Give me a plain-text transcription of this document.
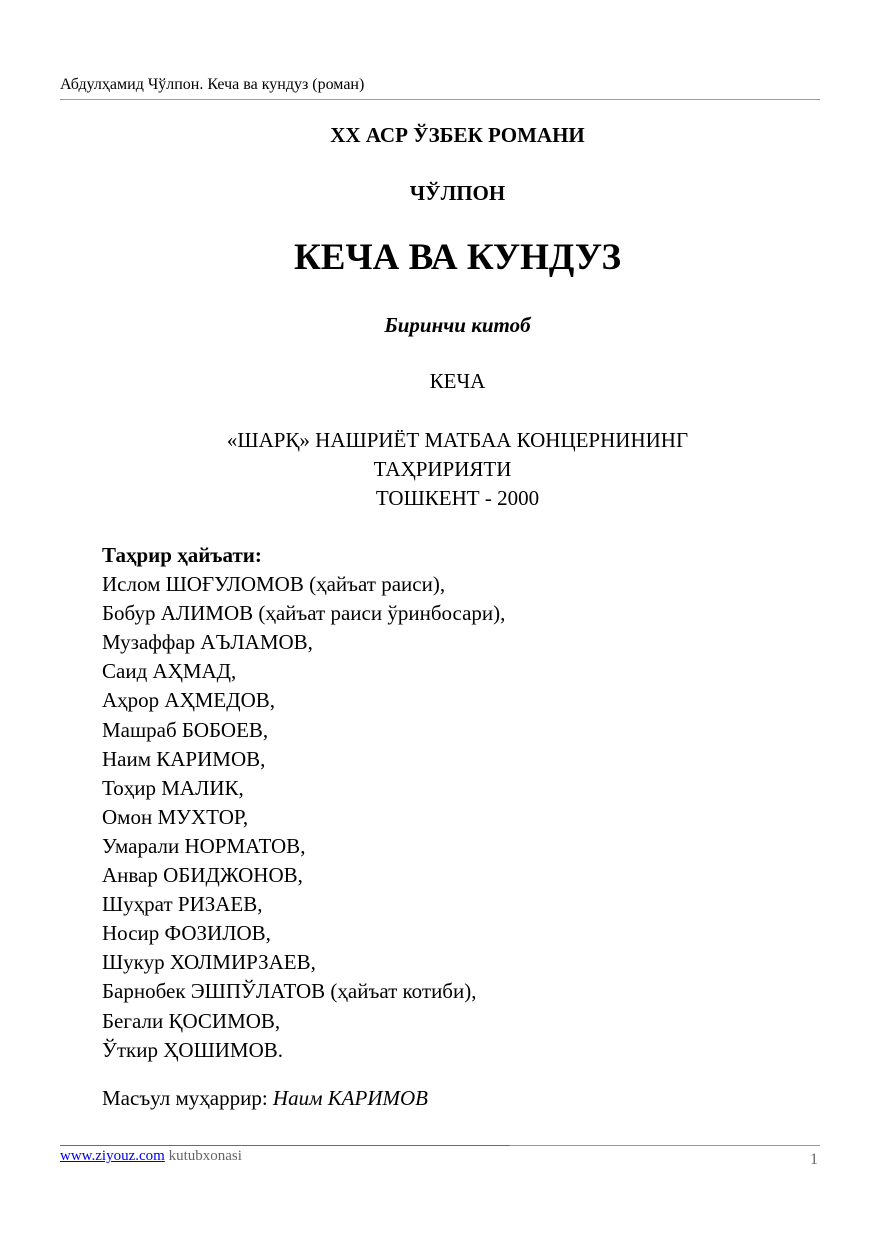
Абдулҳамид Чўлпон. Кеча ва кундуз (роман)
XX АСР ЎЗБЕК РОМАНИ
ЧЎЛПОН
КЕЧА ВА КУНДУЗ
Биринчи китоб
КЕЧА
«ШАРҚ» НАШРИЁТ МАТБАА КОНЦЕРНИНИНГ
ТАҲРИРИЯТИ
ТОШКЕНТ - 2000
Таҳрир ҳайъати:
Ислом ШОҒУЛОМОВ (ҳайъат раиси),
Бобур АЛИМОВ (ҳайъат раиси ўринбосари),
Музаффар АЪЛАМОВ,
Саид АҲМАД,
Аҳрор АҲМЕДОВ,
Машраб БОБОЕВ,
Наим КАРИМОВ,
Тоҳир МАЛИК,
Омон МУХТОР,
Умарали НОРМАТОВ,
Анвар ОБИДЖОНОВ,
Шуҳрат РИЗАЕВ,
Носир ФОЗИЛОВ,
Шукур ХОЛМИРЗАЕВ,
Барнобек ЭШПЎЛАТОВ (ҳайъат котиби),
Бегали ҚОСИМОВ,
Ўткир ҲОШИМОВ.
Масъул муҳаррир: Наим КАРИМОВ
www.ziyouz.com kutubxonasi	1
